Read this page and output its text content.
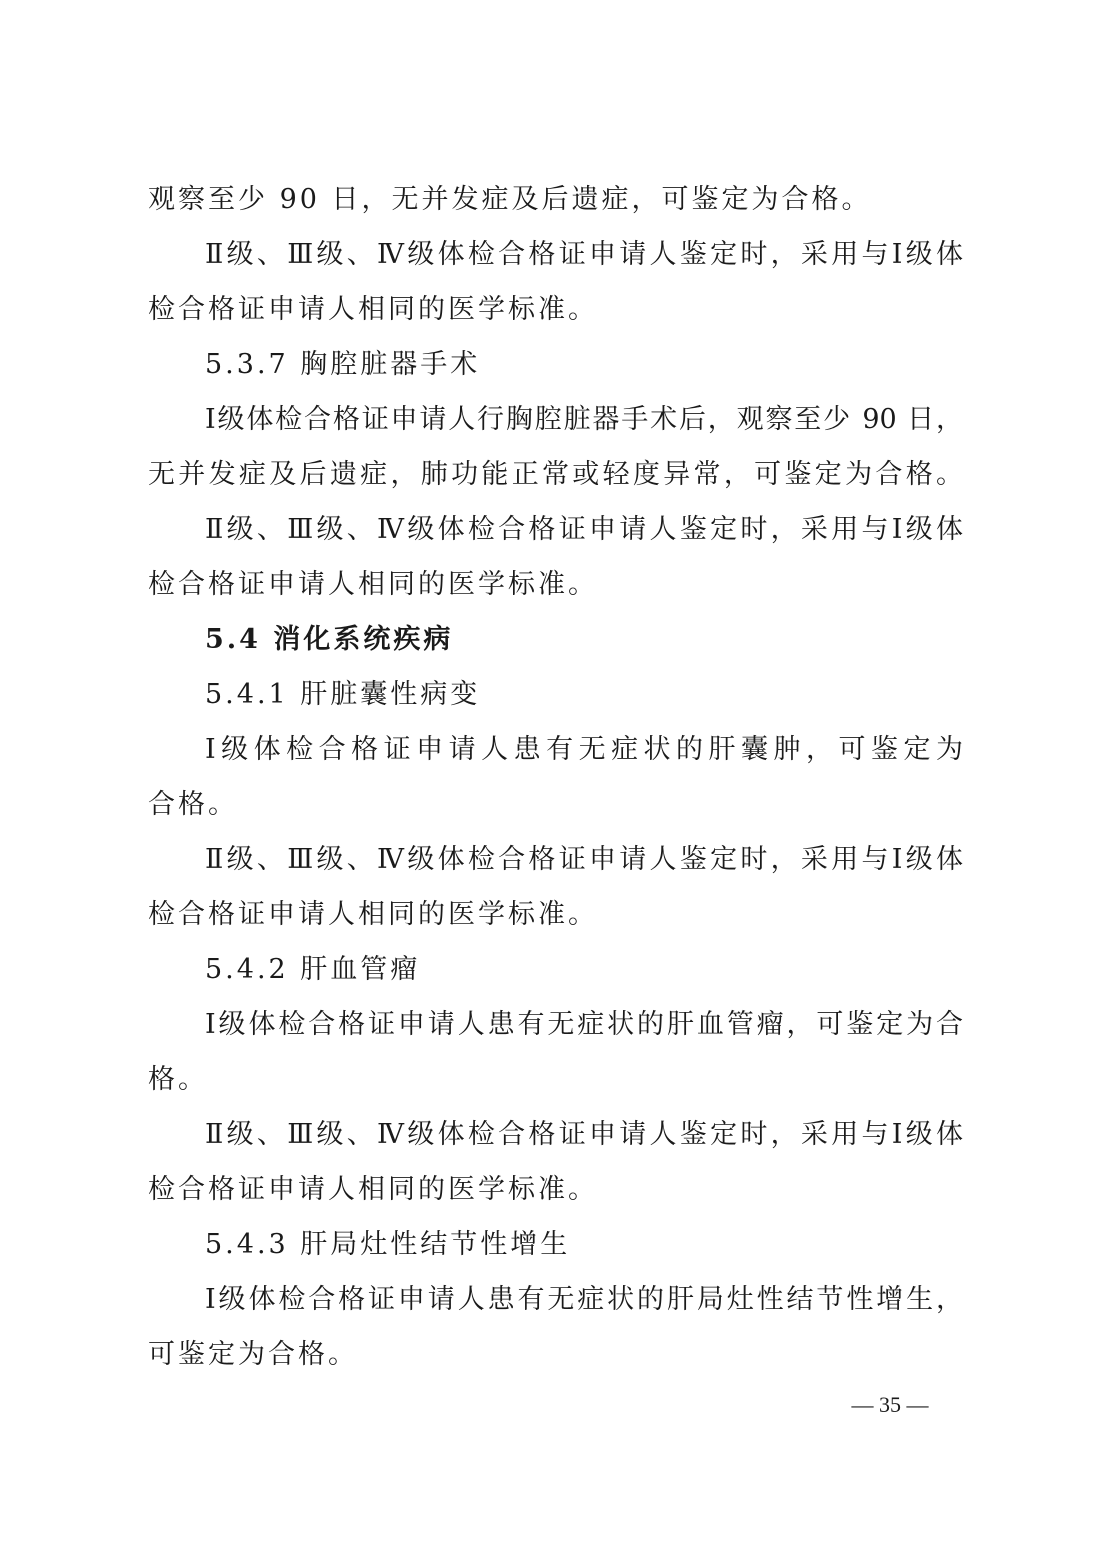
观察至少 90 日，无并发症及后遗症，可鉴定为合格。
Ⅱ级、Ⅲ级、Ⅳ级体检合格证申请人鉴定时，采用与Ⅰ级体
检合格证申请人相同的医学标准。
5.3.7 胸腔脏器手术
Ⅰ级体检合格证申请人行胸腔脏器手术后，观察至少 90 日，
无并发症及后遗症，肺功能正常或轻度异常，可鉴定为合格。
Ⅱ级、Ⅲ级、Ⅳ级体检合格证申请人鉴定时，采用与Ⅰ级体
检合格证申请人相同的医学标准。
5.4 消化系统疾病
5.4.1 肝脏囊性病变
Ⅰ级体检合格证申请人患有无症状的肝囊肿，可鉴定为
合格。
Ⅱ级、Ⅲ级、Ⅳ级体检合格证申请人鉴定时，采用与Ⅰ级体
检合格证申请人相同的医学标准。
5.4.2 肝血管瘤
Ⅰ级体检合格证申请人患有无症状的肝血管瘤，可鉴定为合
格。
Ⅱ级、Ⅲ级、Ⅳ级体检合格证申请人鉴定时，采用与Ⅰ级体
检合格证申请人相同的医学标准。
5.4.3 肝局灶性结节性增生
Ⅰ级体检合格证申请人患有无症状的肝局灶性结节性增生，
可鉴定为合格。
— 35 —
